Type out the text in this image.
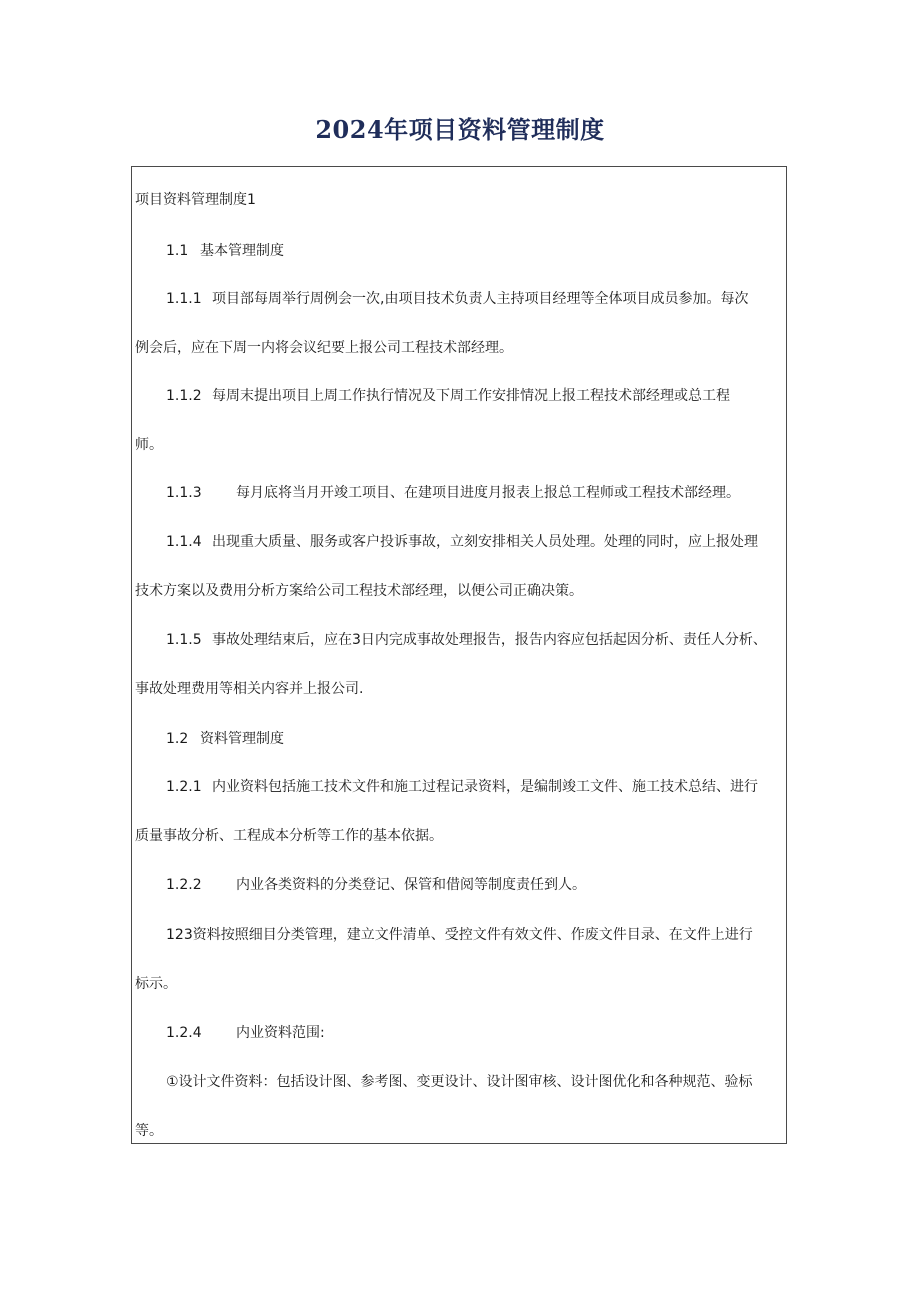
2024年项目资料管理制度
项目资料管理制度1
1.1 基本管理制度
1.1.1 项目部每周举行周例会一次,由项目技术负责人主持项目经理等全体项目成员参加。每次
例会后，应在下周一内将会议纪要上报公司工程技术部经理。
1.1.2 每周末提出项目上周工作执行情况及下周工作安排情况上报工程技术部经理或总工程
师。
1.1.3 每月底将当月开竣工项目、在建项目进度月报表上报总工程师或工程技术部经理。
1.1.4 出现重大质量、服务或客户投诉事故，立刻安排相关人员处理。处理的同时，应上报处理
技术方案以及费用分析方案给公司工程技术部经理，以便公司正确决策。
1.1.5 事故处理结束后，应在3日内完成事故处理报告，报告内容应包括起因分析、责任人分析、
事故处理费用等相关内容并上报公司.
1.2 资料管理制度
1.2.1 内业资料包括施工技术文件和施工过程记录资料，是编制竣工文件、施工技术总结、进行
质量事故分析、工程成本分析等工作的基本依据。
1.2.2 内业各类资料的分类登记、保管和借阅等制度责任到人。
123资料按照细目分类管理，建立文件清单、受控文件有效文件、作废文件目录、在文件上进行
标示。
1.2.4 内业资料范围:
①设计文件资料：包括设计图、参考图、变更设计、设计图审核、设计图优化和各种规范、验标
等。
